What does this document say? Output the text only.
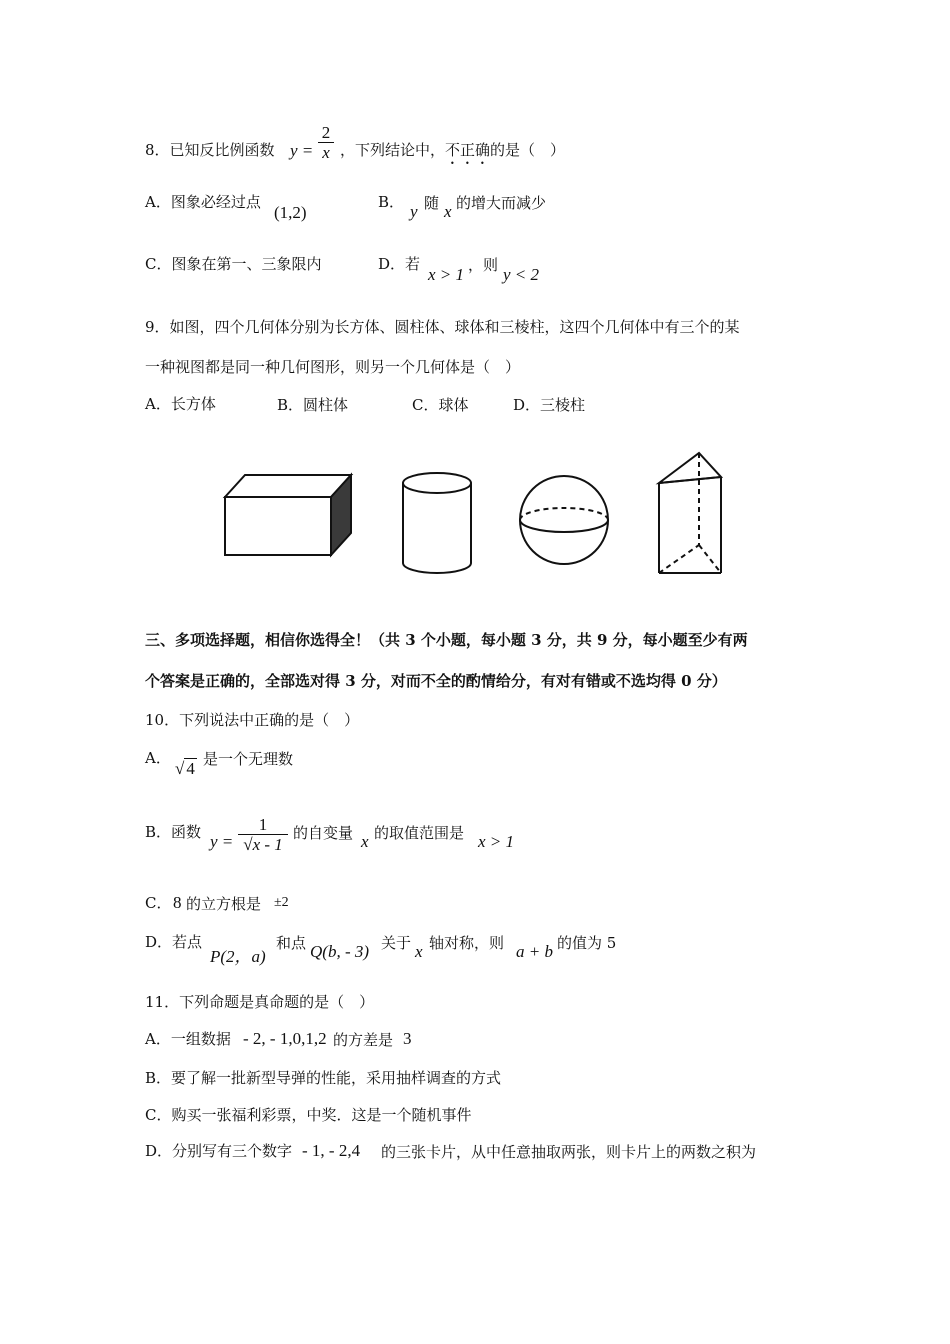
8．已知反比例函数 y =
2
x ，下列结论中，不正确的是（　）
A．图象必经过点
(1,2)
B． y 随 x 的增大而减少
C．图象在第一、三象限内	D．若
x > 1 ，则 y < 2
9．如图，四个几何体分别为长方体、圆柱体、球体和三棱柱，这四个几何体中有三个的某
一种视图都是同一种几何图形，则另一个几何体是（　）
A．长方体	B．圆柱体	C．球体	D．三棱柱
三、多项选择题，相信你选得全！（共 3 个小题，每小题 3 分，共 9 分，每小题至少有两
个答案是正确的，全部选对得 3 分，对而不全的酌情给分，有对有错或不选均得 0 分）
10．下列说法中正确的是（　）
A．
√ 4 是一个无理数
B．函数 y =
1
√x - 1
的自变量 x 的取值范围是 x > 1
C． 8 的立方根是 ±2
D．若点
P(2，a)
和点 Q(b, - 3) 关于 x 轴对称，则 a + b 的值为 5
11．下列命题是真命题的是（　）
A．一组数据 - 2, - 1,0,1,2 的方差是 3
B．要了解一批新型导弹的性能，采用抽样调查的方式
C．购买一张福利彩票，中奖．这是一个随机事件
D．分别写有三个数字 - 1, - 2,4 的三张卡片，从中任意抽取两张，则卡片上的两数之积为
